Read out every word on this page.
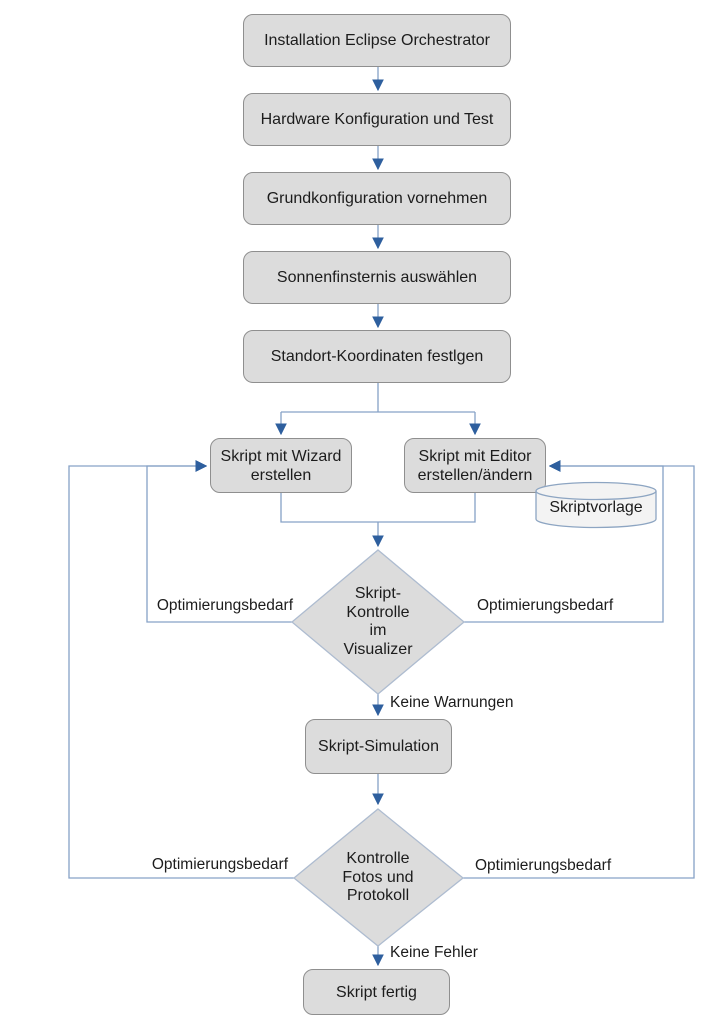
Installation Eclipse Orchestrator
Hardware Konfiguration und Test
Grundkonfiguration vornehmen
Sonnenfinsternis auswählen
Standort-Koordinaten festlgen
Skript mit Wizard
erstellen
Skript mit Editor
erstellen/ändern
Skript-Simulation
Skript fertig
Skript-
Kontrolle
im
Visualizer
Kontrolle
Fotos und
Protokoll
Skriptvorlage
Optimierungsbedarf	Optimierungsbedarf
Optimierungsbedarf	Optimierungsbedarf
Keine Warnungen
Keine Fehler
